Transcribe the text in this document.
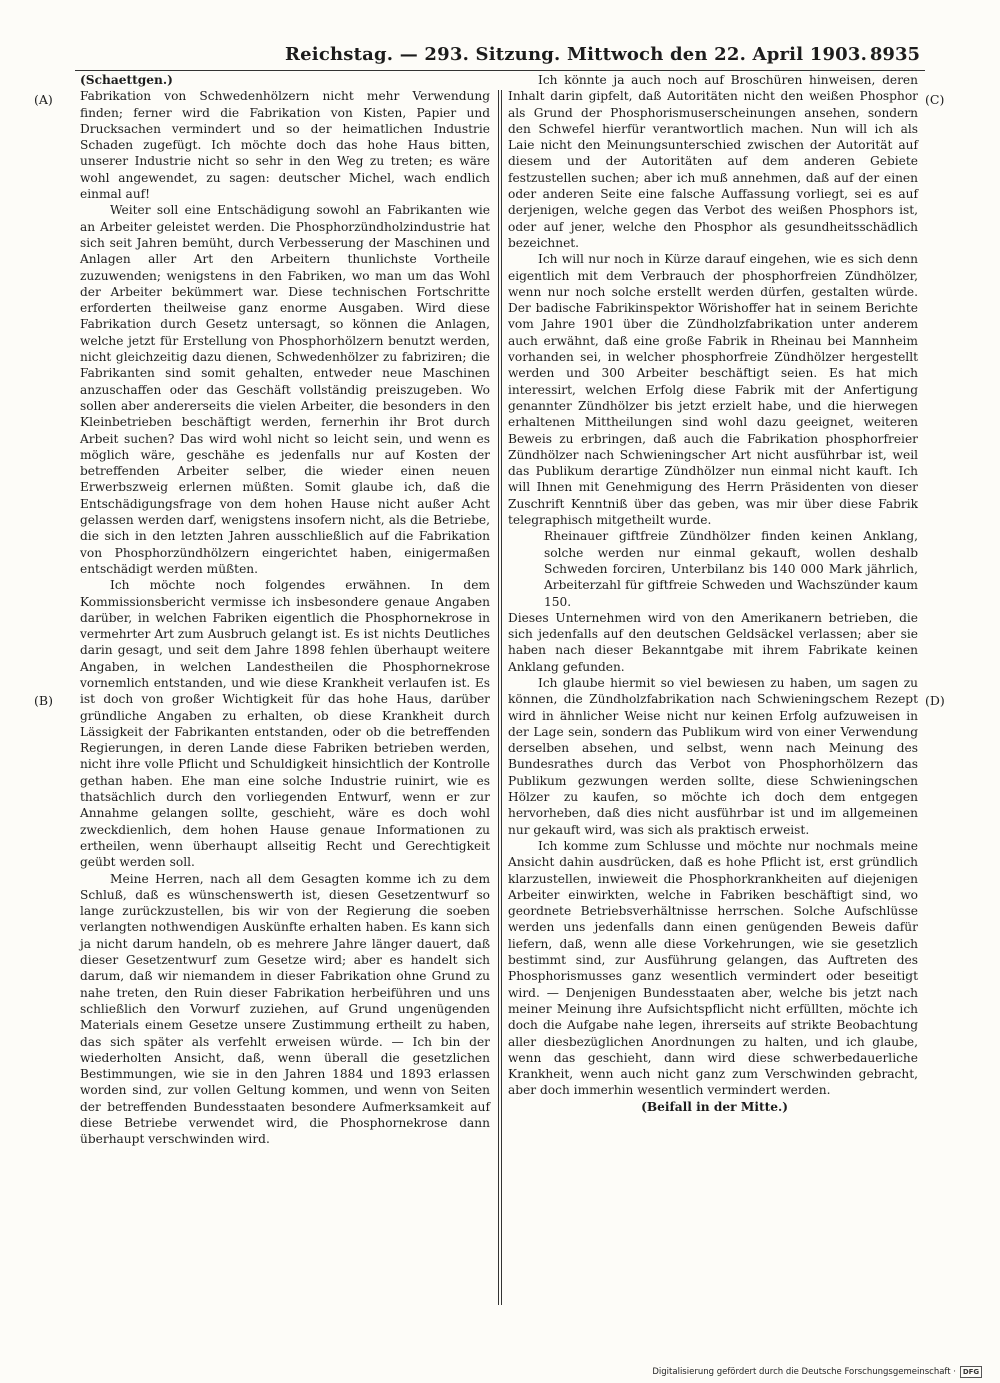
Reichstag. — 293. Sitzung. Mittwoch den 22. April 1903. 8935
(A)
(B)
(C)
(D)

(Schaettgen.)

Fabrikation von Schwedenhölzern nicht mehr Verwendung finden; ferner wird die Fabrikation von Kisten, Papier und Drucksachen vermindert und so der heimatlichen Industrie Schaden zugefügt. Ich möchte doch das hohe Haus bitten, unserer Industrie nicht so sehr in den Weg zu treten; es wäre wohl angewendet, zu sagen: deutscher Michel, wach endlich einmal auf!

Weiter soll eine Entschädigung sowohl an Fabrikanten wie an Arbeiter geleistet werden. Die Phosphorzündholzindustrie hat sich seit Jahren bemüht, durch Verbesserung der Maschinen und Anlagen aller Art den Arbeitern thunlichste Vortheile zuzuwenden; wenigstens in den Fabriken, wo man um das Wohl der Arbeiter bekümmert war. Diese technischen Fortschritte erforderten theilweise ganz enorme Ausgaben. Wird diese Fabrikation durch Gesetz untersagt, so können die Anlagen, welche jetzt für Erstellung von Phosphorhölzern benutzt werden, nicht gleichzeitig dazu dienen, Schwedenhölzer zu fabriziren; die Fabrikanten sind somit gehalten, entweder neue Maschinen anzuschaffen oder das Geschäft vollständig preiszugeben. Wo sollen aber andererseits die vielen Arbeiter, die besonders in den Kleinbetrieben beschäftigt werden, fernerhin ihr Brot durch Arbeit suchen? Das wird wohl nicht so leicht sein, und wenn es möglich wäre, geschähe es jedenfalls nur auf Kosten der betreffenden Arbeiter selber, die wieder einen neuen Erwerbszweig erlernen müßten. Somit glaube ich, daß die Entschädigungsfrage von dem hohen Hause nicht außer Acht gelassen werden darf, wenigstens insofern nicht, als die Betriebe, die sich in den letzten Jahren ausschließlich auf die Fabrikation von Phosphorzündhölzern eingerichtet haben, einigermaßen entschädigt werden müßten.

Ich möchte noch folgendes erwähnen. In dem Kommissionsbericht vermisse ich insbesondere genaue Angaben darüber, in welchen Fabriken eigentlich die Phosphornekrose in vermehrter Art zum Ausbruch gelangt ist. Es ist nichts Deutliches darin gesagt, und seit dem Jahre 1898 fehlen überhaupt weitere Angaben, in welchen Landestheilen die Phosphornekrose vornemlich entstanden, und wie diese Krankheit verlaufen ist. Es ist doch von großer Wichtigkeit für das hohe Haus, darüber gründliche Angaben zu erhalten, ob diese Krankheit durch Lässigkeit der Fabrikanten entstanden, oder ob die betreffenden Regierungen, in deren Lande diese Fabriken betrieben werden, nicht ihre volle Pflicht und Schuldigkeit hinsichtlich der Kontrolle gethan haben. Ehe man eine solche Industrie ruinirt, wie es thatsächlich durch den vorliegenden Entwurf, wenn er zur Annahme gelangen sollte, geschieht, wäre es doch wohl zweckdienlich, dem hohen Hause genaue Informationen zu ertheilen, wenn überhaupt allseitig Recht und Gerechtigkeit geübt werden soll.

Meine Herren, nach all dem Gesagten komme ich zu dem Schluß, daß es wünschenswerth ist, diesen Gesetzentwurf so lange zurückzustellen, bis wir von der Regierung die soeben verlangten nothwendigen Auskünfte erhalten haben. Es kann sich ja nicht darum handeln, ob es mehrere Jahre länger dauert, daß dieser Gesetzentwurf zum Gesetze wird; aber es handelt sich darum, daß wir niemandem in dieser Fabrikation ohne Grund zu nahe treten, den Ruin dieser Fabrikation herbeiführen und uns schließlich den Vorwurf zuziehen, auf Grund ungenügenden Materials einem Gesetze unsere Zustimmung ertheilt zu haben, das sich später als verfehlt erweisen würde. — Ich bin der wiederholten Ansicht, daß, wenn überall die gesetzlichen Bestimmungen, wie sie in den Jahren 1884 und 1893 erlassen worden sind, zur vollen Geltung kommen, und wenn von Seiten der betreffenden Bundesstaaten besondere Aufmerksamkeit auf diese Betriebe verwendet wird, die Phosphornekrose dann überhaupt verschwinden wird.

Ich könnte ja auch noch auf Broschüren hinweisen, deren Inhalt darin gipfelt, daß Autoritäten nicht den weißen Phosphor als Grund der Phosphorismuserscheinungen ansehen, sondern den Schwefel hierfür verantwortlich machen. Nun will ich als Laie nicht den Meinungsunterschied zwischen der Autorität auf diesem und der Autoritäten auf dem anderen Gebiete festzustellen suchen; aber ich muß annehmen, daß auf der einen oder anderen Seite eine falsche Auffassung vorliegt, sei es auf derjenigen, welche gegen das Verbot des weißen Phosphors ist, oder auf jener, welche den Phosphor als gesundheitsschädlich bezeichnet.

Ich will nur noch in Kürze darauf eingehen, wie es sich denn eigentlich mit dem Verbrauch der phosphorfreien Zündhölzer, wenn nur noch solche erstellt werden dürfen, gestalten würde. Der badische Fabrikinspektor Wörishoffer hat in seinem Berichte vom Jahre 1901 über die Zündholzfabrikation unter anderem auch erwähnt, daß eine große Fabrik in Rheinau bei Mannheim vorhanden sei, in welcher phosphorfreie Zündhölzer hergestellt werden und 300 Arbeiter beschäftigt seien. Es hat mich interessirt, welchen Erfolg diese Fabrik mit der Anfertigung genannter Zündhölzer bis jetzt erzielt habe, und die hierwegen erhaltenen Mittheilungen sind wohl dazu geeignet, weiteren Beweis zu erbringen, daß auch die Fabrikation phosphorfreier Zündhölzer nach Schwieningscher Art nicht ausführbar ist, weil das Publikum derartige Zündhölzer nun einmal nicht kauft. Ich will Ihnen mit Genehmigung des Herrn Präsidenten von dieser Zuschrift Kenntniß über das geben, was mir über diese Fabrik telegraphisch mitgetheilt wurde.

Rheinauer giftfreie Zündhölzer finden keinen Anklang, solche werden nur einmal gekauft, wollen deshalb Schweden forciren, Unterbilanz bis 140 000 Mark jährlich, Arbeiterzahl für giftfreie Schweden und Wachszünder kaum 150.

Dieses Unternehmen wird von den Amerikanern betrieben, die sich jedenfalls auf den deutschen Geldsäckel verlassen; aber sie haben nach dieser Bekanntgabe mit ihrem Fabrikate keinen Anklang gefunden.

Ich glaube hiermit so viel bewiesen zu haben, um sagen zu können, die Zündholzfabrikation nach Schwieningschem Rezept wird in ähnlicher Weise nicht nur keinen Erfolg aufzuweisen in der Lage sein, sondern das Publikum wird von einer Verwendung derselben absehen, und selbst, wenn nach Meinung des Bundesrathes durch das Verbot von Phosphorhölzern das Publikum gezwungen werden sollte, diese Schwieningschen Hölzer zu kaufen, so möchte ich doch dem entgegen hervorheben, daß dies nicht ausführbar ist und im allgemeinen nur gekauft wird, was sich als praktisch erweist.

Ich komme zum Schlusse und möchte nur nochmals meine Ansicht dahin ausdrücken, daß es hohe Pflicht ist, erst gründlich klarzustellen, inwieweit die Phosphorkrankheiten auf diejenigen Arbeiter einwirkten, welche in Fabriken beschäftigt sind, wo geordnete Betriebsverhältnisse herrschen. Solche Aufschlüsse werden uns jedenfalls dann einen genügenden Beweis dafür liefern, daß, wenn alle diese Vorkehrungen, wie sie gesetzlich bestimmt sind, zur Ausführung gelangen, das Auftreten des Phosphorismusses ganz wesentlich vermindert oder beseitigt wird. — Denjenigen Bundesstaaten aber, welche bis jetzt nach meiner Meinung ihre Aufsichtspflicht nicht erfüllten, möchte ich doch die Aufgabe nahe legen, ihrerseits auf strikte Beobachtung aller diesbezüglichen Anordnungen zu halten, und ich glaube, wenn das geschieht, dann wird diese schwerbedauerliche Krankheit, wenn auch nicht ganz zum Verschwinden gebracht, aber doch immerhin wesentlich vermindert werden.

(Beifall in der Mitte.)

Digitalisierung gefördert durch die Deutsche Forschungsgemeinschaft · DFG
